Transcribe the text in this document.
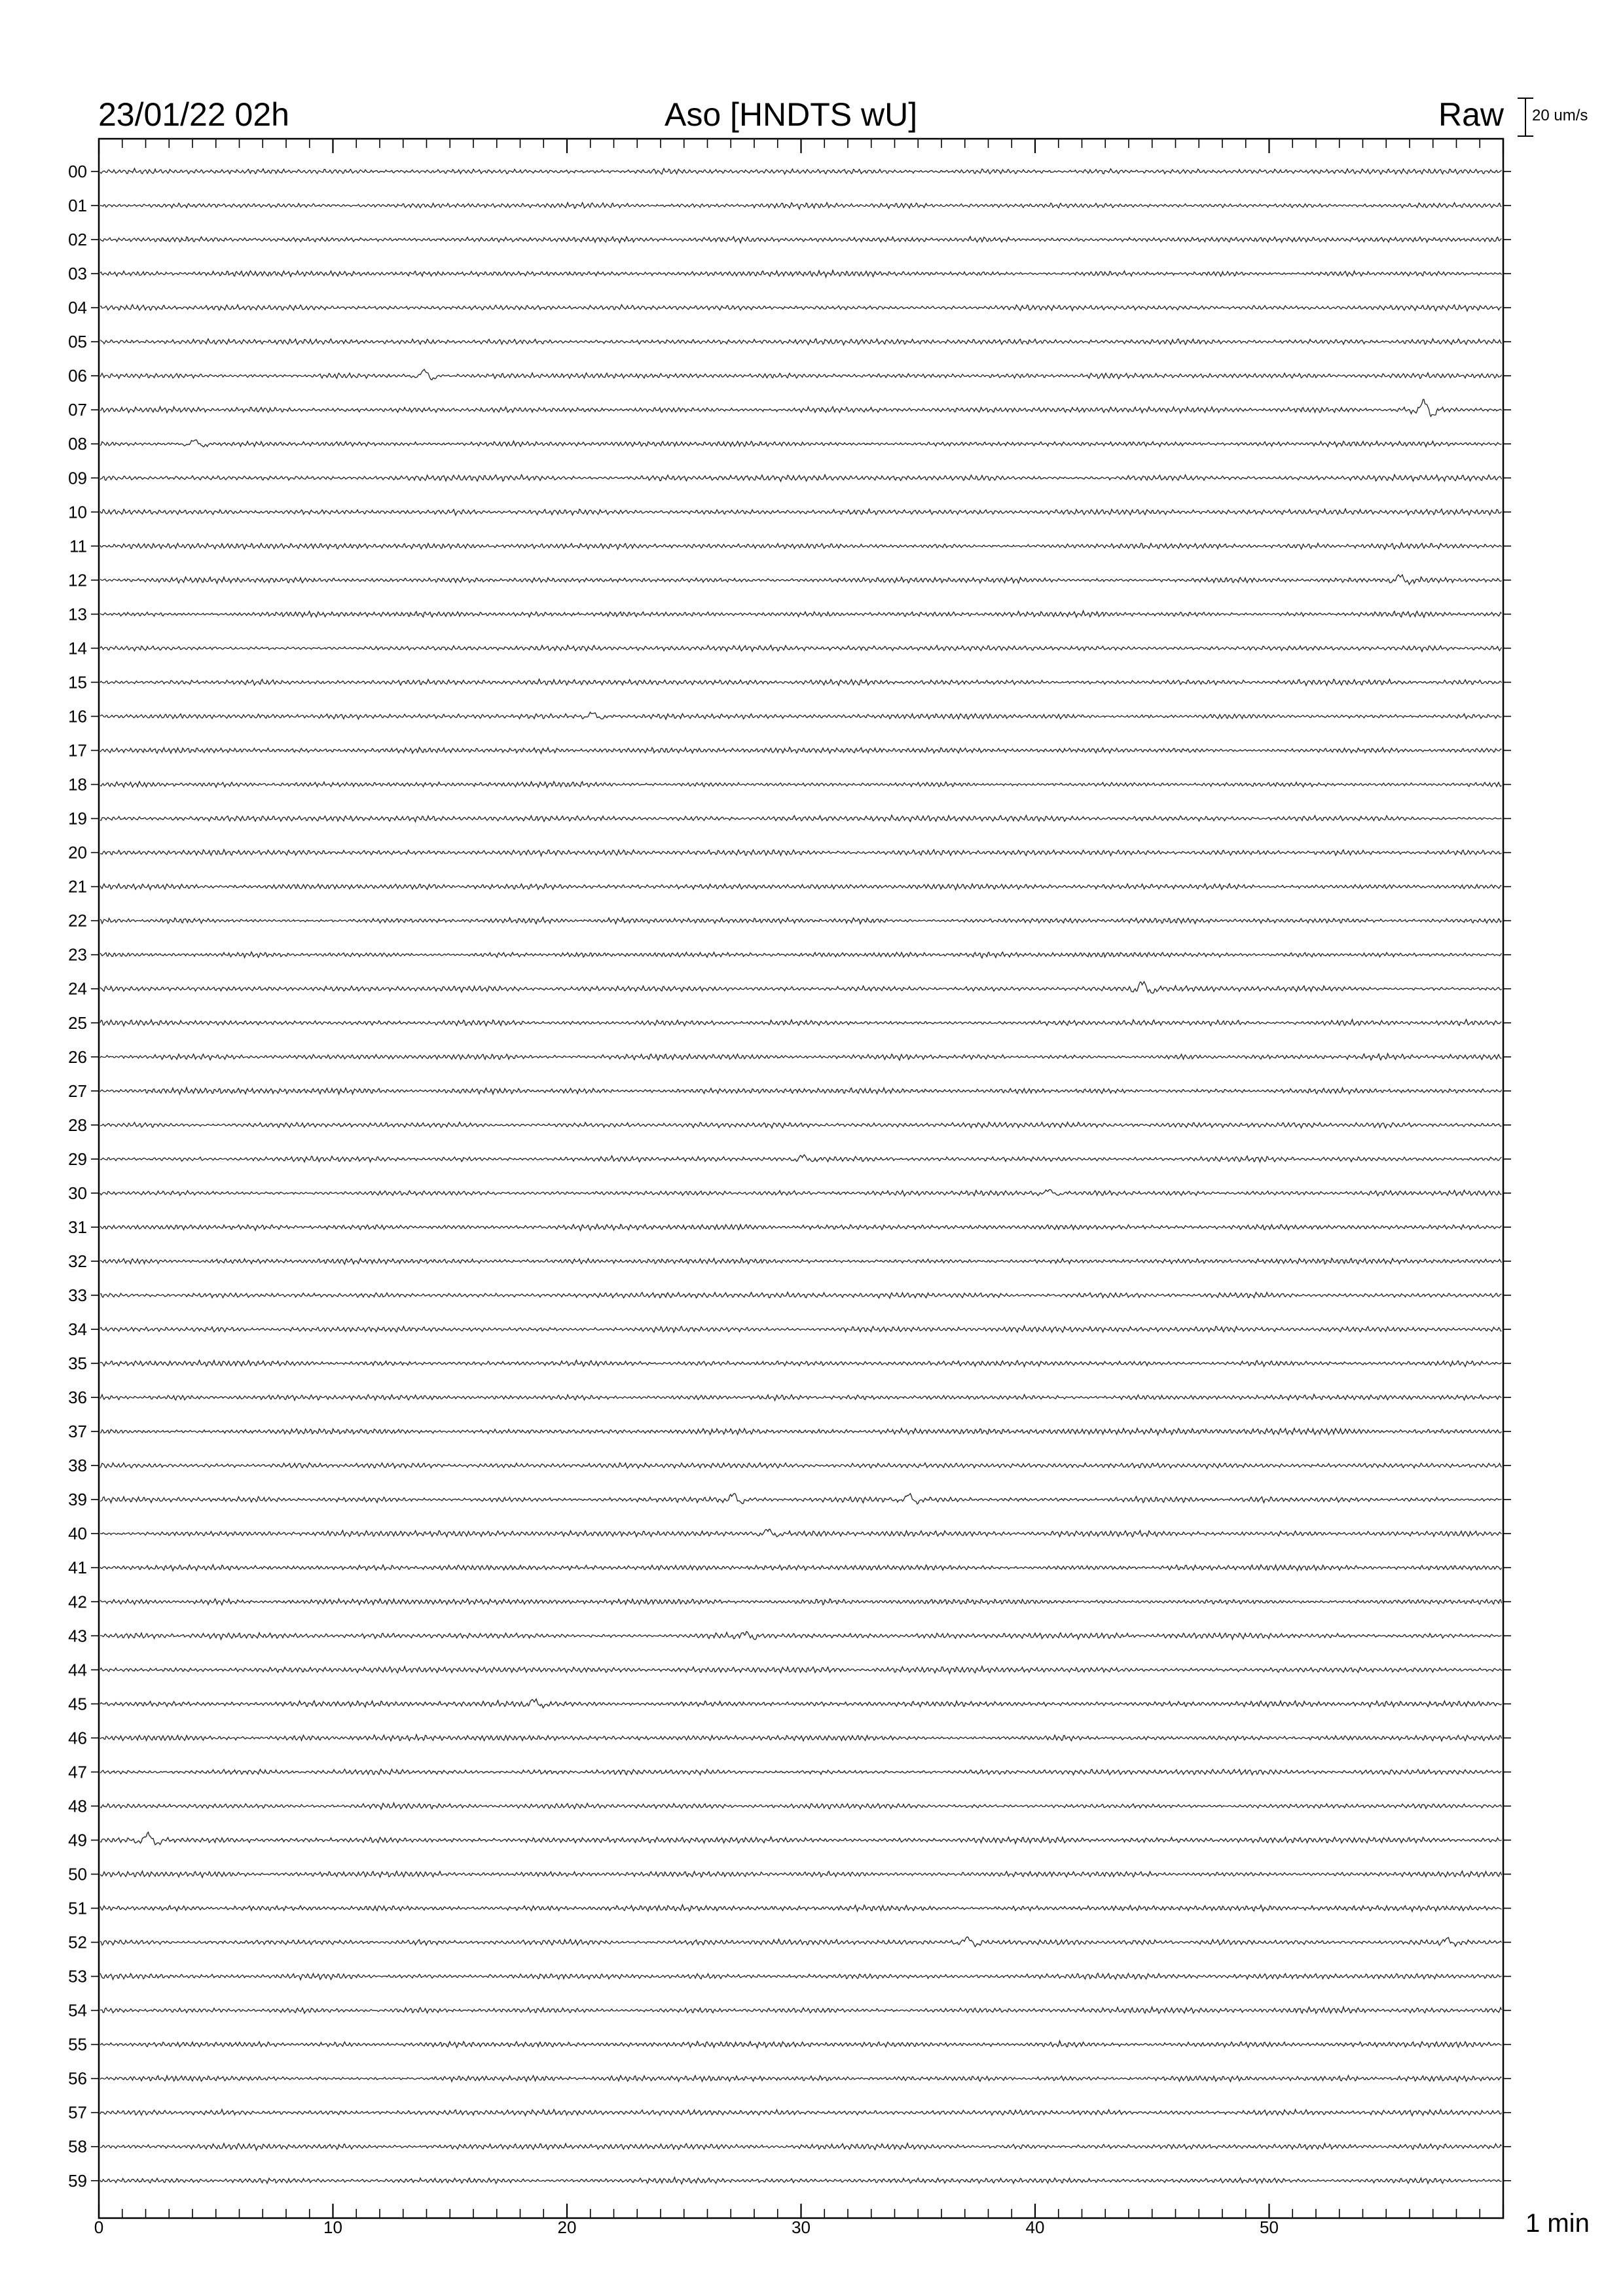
23/01/22 02h	Aso [HNDTS wU]	Raw 20 um/s
1 min
0	10	20	30	40	50
00
01
02
03
04
05
06
07
08
09
10
11
12
13
14
15
16
17
18
19
20
21
22
23
24
25
26
27
28
29
30
31
32
33
34
35
36
37
38
39
40
41
42
43
44
45
46
47
48
49
50
51
52
53
54
55
56
57
58
59
